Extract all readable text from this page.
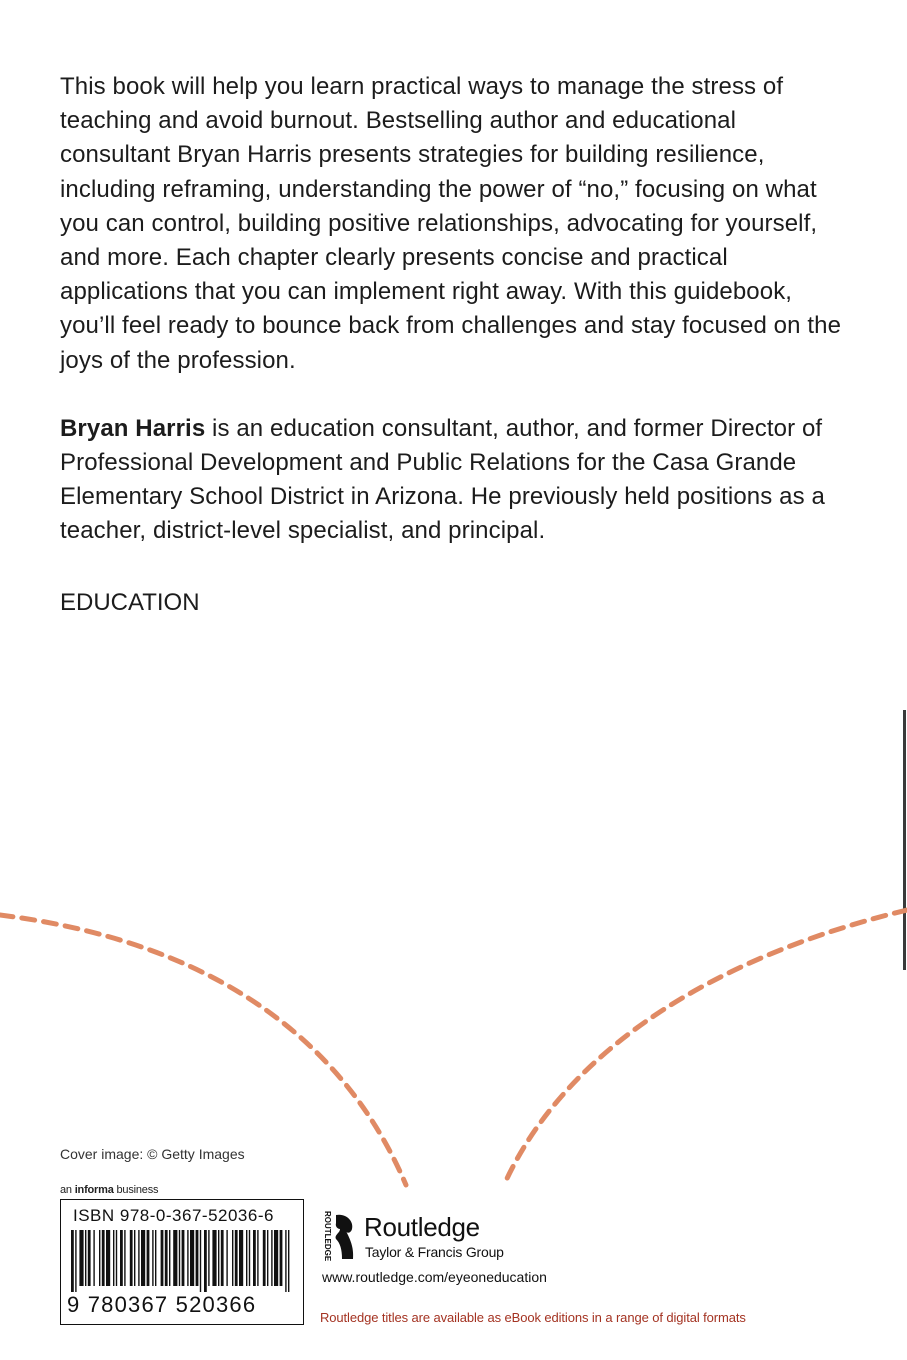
This book will help you learn practical ways to manage the stress of teaching and avoid burnout. Bestselling author and educational consultant Bryan Harris presents strategies for building resilience, including reframing, understanding the power of “no,” focusing on what you can control, building positive relationships, advocating for yourself, and more. Each chapter clearly presents concise and practical applications that you can implement right away. With this guidebook, you’ll feel ready to bounce back from challenges and stay focused on the joys of the profession.

Bryan Harris is an education consultant, author, and former Director of Professional Development and Public Relations for the Casa Grande Elementary School District in Arizona. He previously held positions as a teacher, district-level specialist, and principal.

EDUCATION
Cover image: © Getty Images
an informa business
ISBN 978-0-367-52036-6
9 780367 520366
ROUTLEDGE Routledge
Taylor & Francis Group
www.routledge.com/eyeoneducation
Routledge titles are available as eBook editions in a range of digital formats
